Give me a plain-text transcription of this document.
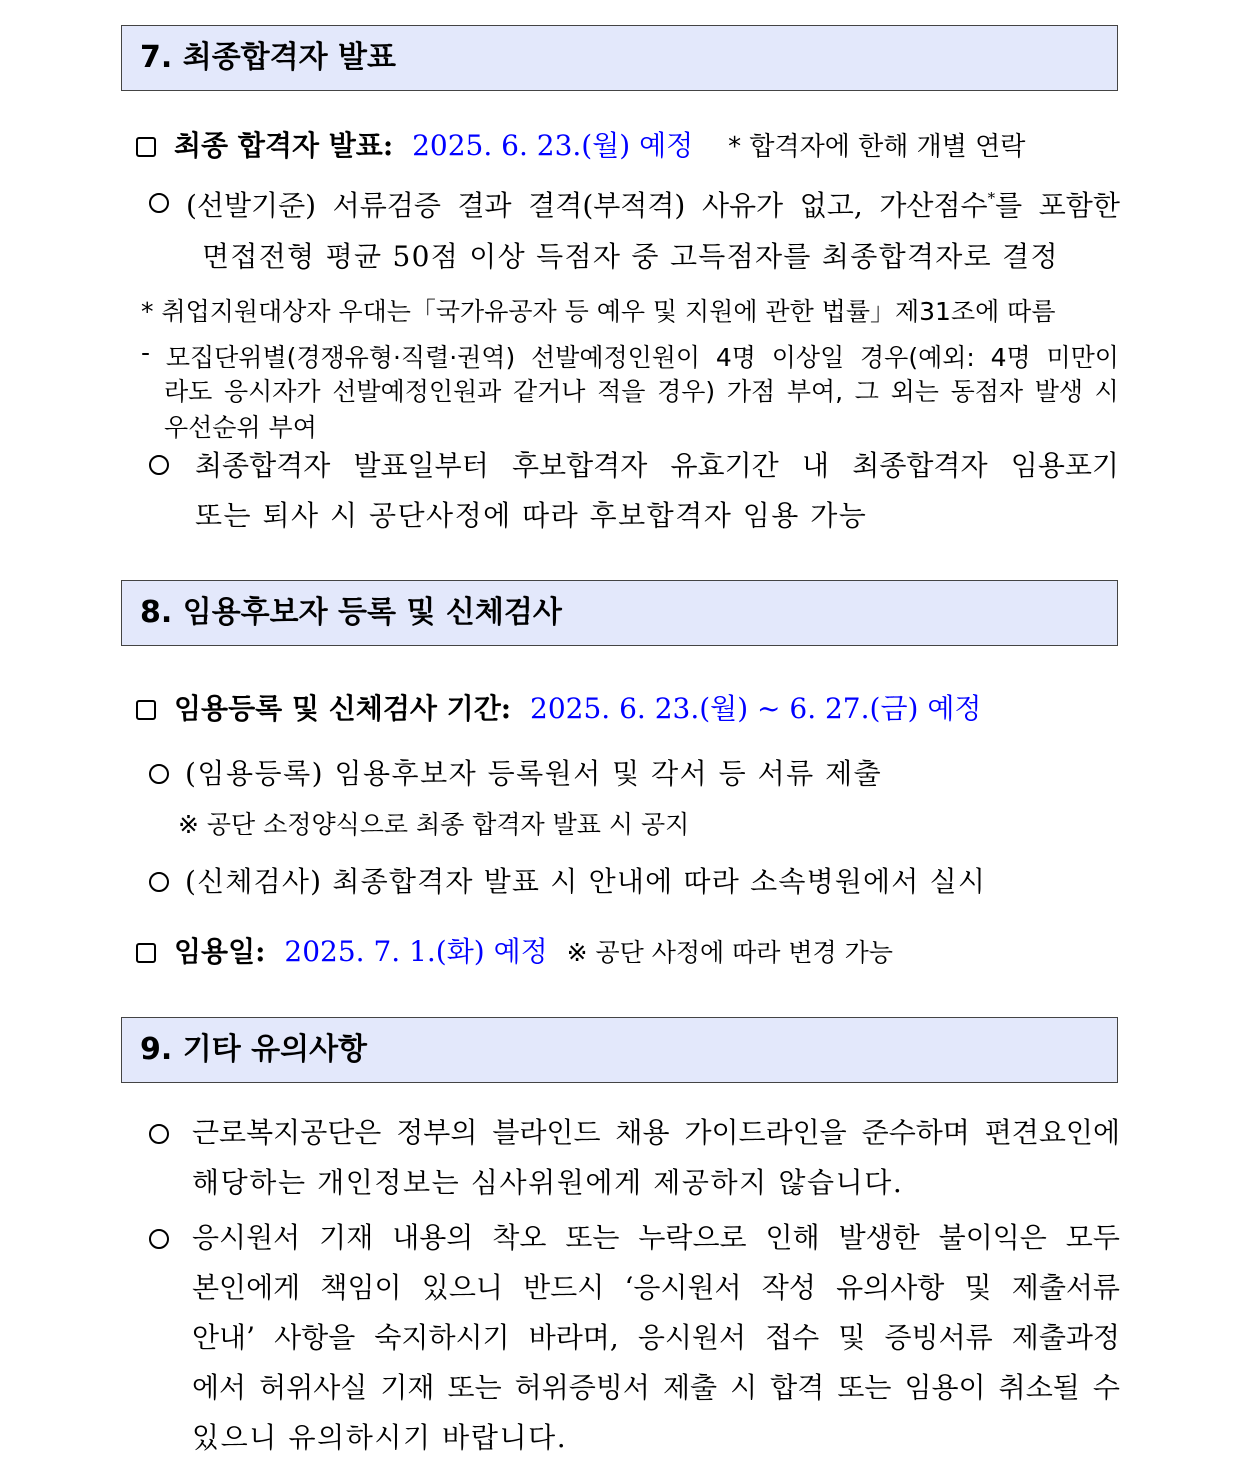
7. 최종합격자 발표
최종 합격자 발표: 2025. 6. 23.(월) 예정 * 합격자에 한해 개별 연락
(선발기준) 서류검증 결과 결격(부적격) 사유가 없고, 가산점수*를 포함한
면접전형 평균 50점 이상 득점자 중 고득점자를 최종합격자로 결정
* 취업지원대상자 우대는「국가유공자 등 예우 및 지원에 관한 법률」제31조에 따름
- 모집단위별(경쟁유형·직렬·권역) 선발예정인원이 4명 이상일 경우(예외: 4명 미만이
라도 응시자가 선발예정인원과 같거나 적을 경우) 가점 부여, 그 외는 동점자 발생 시
우선순위 부여
최종합격자 발표일부터 후보합격자 유효기간 내 최종합격자 임용포기
또는 퇴사 시 공단사정에 따라 후보합격자 임용 가능
8. 임용후보자 등록 및 신체검사
임용등록 및 신체검사 기간: 2025. 6. 23.(월) ~ 6. 27.(금) 예정
(임용등록) 임용후보자 등록원서 및 각서 등 서류 제출
※ 공단 소정양식으로 최종 합격자 발표 시 공지
(신체검사) 최종합격자 발표 시 안내에 따라 소속병원에서 실시
임용일: 2025. 7. 1.(화) 예정 ※ 공단 사정에 따라 변경 가능
9. 기타 유의사항
근로복지공단은 정부의 블라인드 채용 가이드라인을 준수하며 편견요인에
해당하는 개인정보는 심사위원에게 제공하지 않습니다.
응시원서 기재 내용의 착오 또는 누락으로 인해 발생한 불이익은 모두
본인에게 책임이 있으니 반드시 ‘응시원서 작성 유의사항 및 제출서류
안내’ 사항을 숙지하시기 바라며, 응시원서 접수 및 증빙서류 제출과정
에서 허위사실 기재 또는 허위증빙서 제출 시 합격 또는 임용이 취소될 수
있으니 유의하시기 바랍니다.
